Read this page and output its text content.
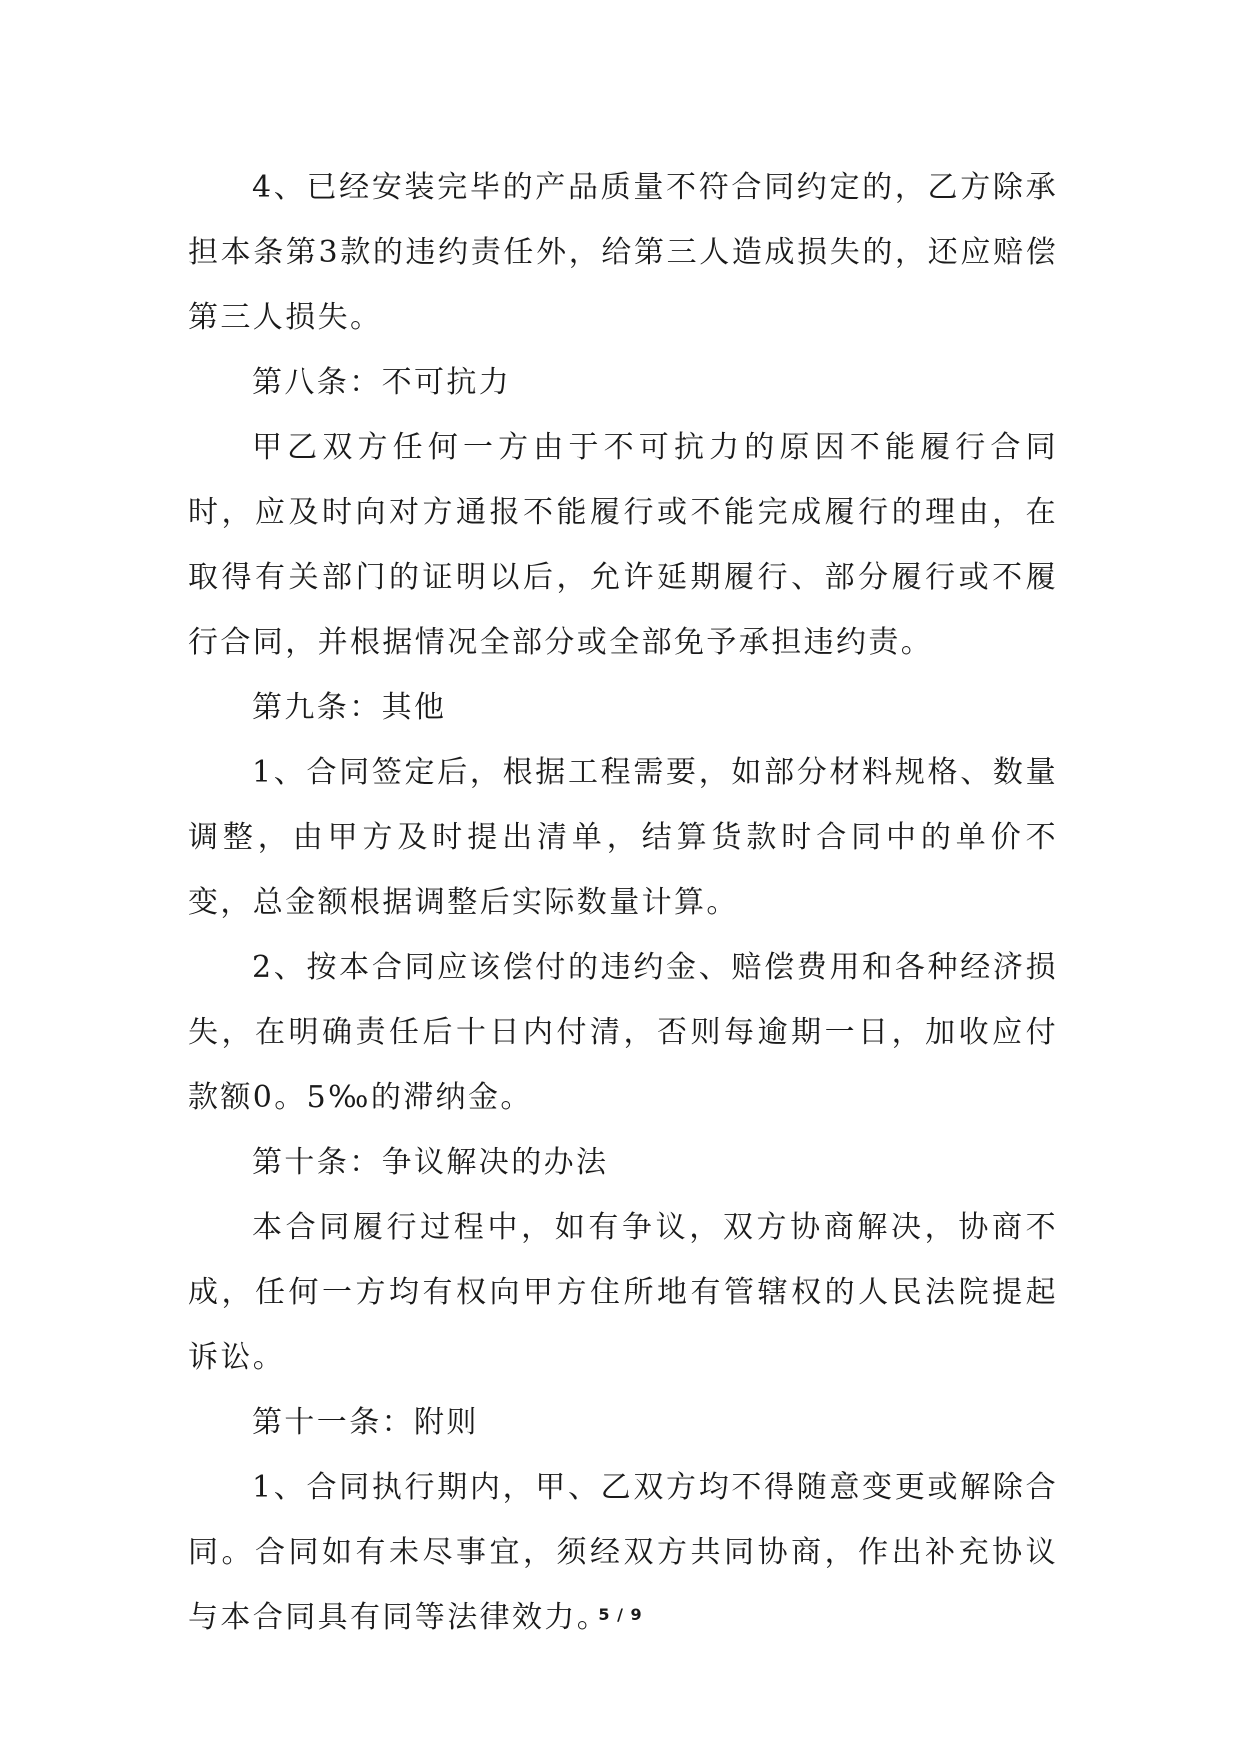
4、已经安装完毕的产品质量不符合同约定的，乙方除承担本条第3款的违约责任外，给第三人造成损失的，还应赔偿第三人损失。

第八条：不可抗力

甲乙双方任何一方由于不可抗力的原因不能履行合同时，应及时向对方通报不能履行或不能完成履行的理由，在取得有关部门的证明以后，允许延期履行、部分履行或不履行合同，并根据情况全部分或全部免予承担违约责。

第九条：其他

1、合同签定后，根据工程需要，如部分材料规格、数量调整，由甲方及时提出清单，结算货款时合同中的单价不变，总金额根据调整后实际数量计算。

2、按本合同应该偿付的违约金、赔偿费用和各种经济损失，在明确责任后十日内付清，否则每逾期一日，加收应付款额0。5‰的滞纳金。

第十条：争议解决的办法

本合同履行过程中，如有争议，双方协商解决，协商不成，任何一方均有权向甲方住所地有管辖权的人民法院提起诉讼。

第十一条：附则

1、合同执行期内，甲、乙双方均不得随意变更或解除合同。合同如有未尽事宜，须经双方共同协商，作出补充协议与本合同具有同等法律效力。

5 / 9
